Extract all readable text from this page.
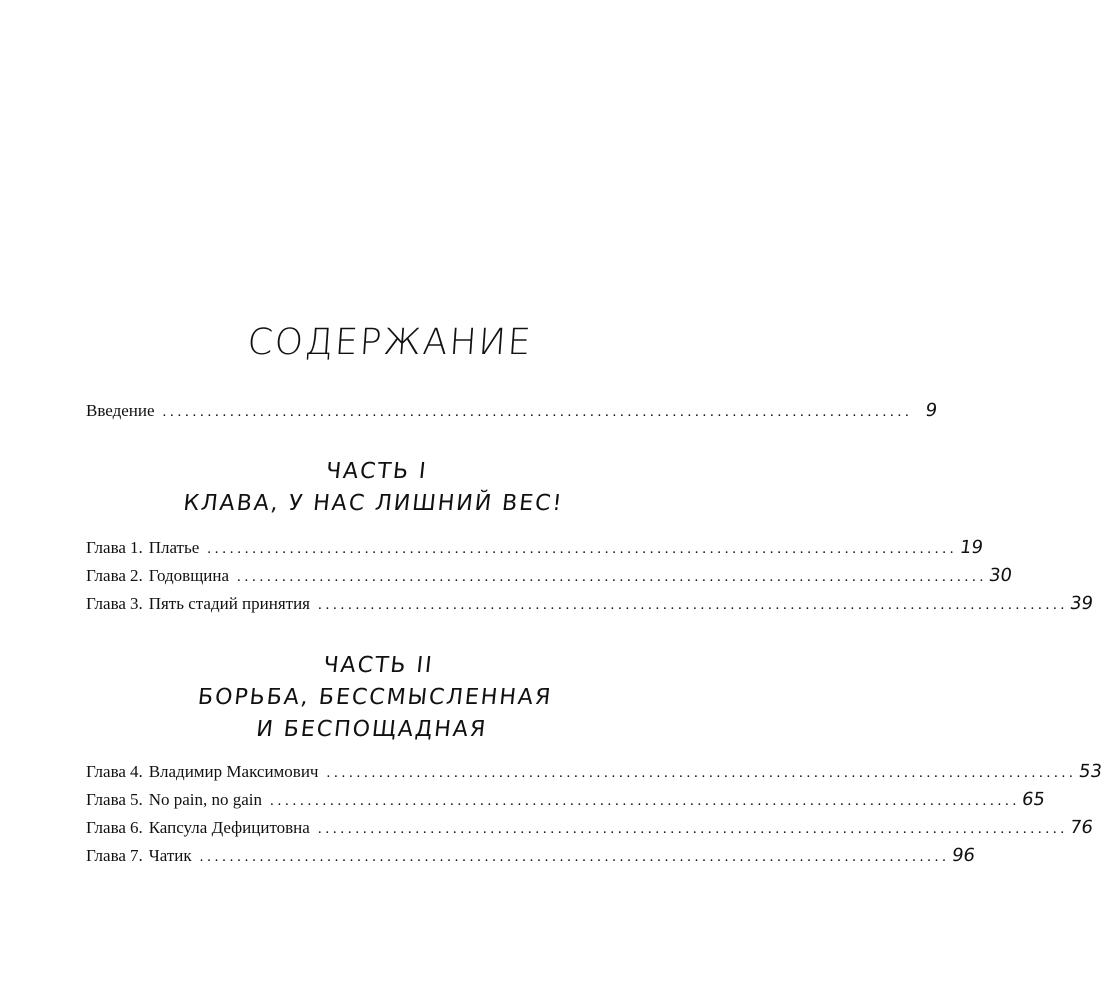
СОДЕРЖАНИЕ
Введение . . .	9
ЧАСТЬ I
КЛАВА, У НАС ЛИШНИЙ ВЕС!
Глава 1. Платье . . .	19
Глава 2. Годовщина . . .	30
Глава 3. Пять стадий принятия . . .	39
ЧАСТЬ II
БОРЬБА, БЕССМЫСЛЕННАЯ
И БЕСПОЩАДНАЯ
Глава 4. Владимир Максимович . . .	53
Глава 5. No pain, no gain . . .	65
Глава 6. Капсула Дефицитовна . . .	76
Глава 7. Чатик . . .	96
